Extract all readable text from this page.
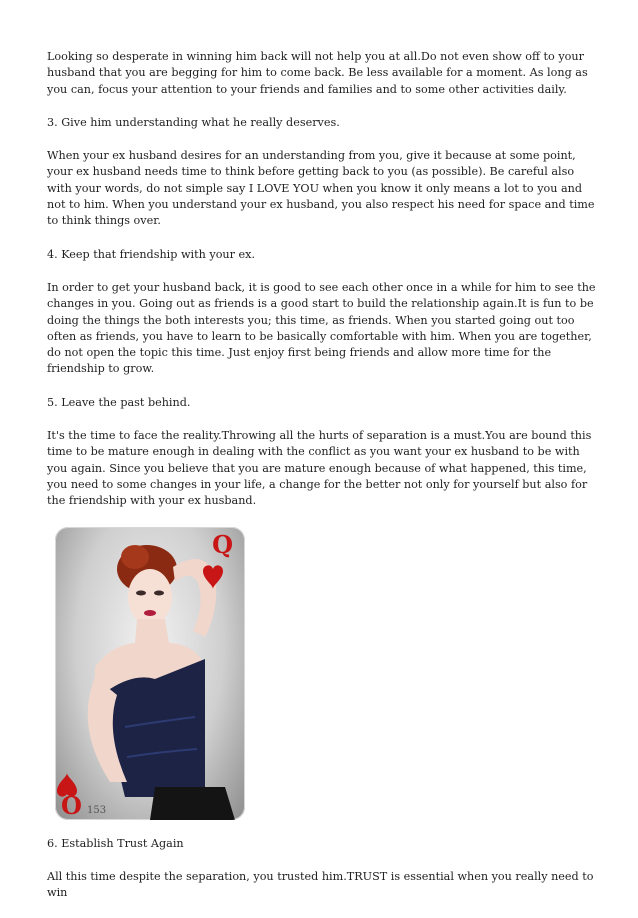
Looking so desperate in winning him back will not help you at all.Do not even show off to your husband that you are begging for him to come back. Be less available for a moment. As long as you can, focus your attention to your friends and families and to some other activities daily.

3. Give him understanding what he really deserves.

When your ex husband desires for an understanding from you, give it because at some point, your ex husband needs time to think before getting back to you (as possible). Be careful also with your words, do not simple say I LOVE YOU when you know it only means a lot to you and not to him. When you understand your ex husband, you also respect his need for space and time to think things over.

4. Keep that friendship with your ex.

In order to get your husband back, it is good to see each other once in a while for him to see the changes in you. Going out as friends is a good start to build the relationship again.It is fun to be doing the things the both interests you; this time, as friends. When you started going out too often as friends, you have to learn to be basically comfortable with him. When you are together, do not open the topic this time. Just enjoy first being friends and allow more time for the friendship to grow.

5. Leave the past behind.

It's the time to face the reality.Throwing all the hurts of separation is a must.You are bound this time to be mature enough in dealing with the conflict as you want your ex husband to be with you again. Since you believe that you are mature enough because of what happened, this time, you need to some changes in your life, a change for the better not only for yourself but also for the friendship with your ex husband.

Q
Q 153

6. Establish Trust Again

All this time despite the separation, you trusted him.TRUST is essential when you really need to win
